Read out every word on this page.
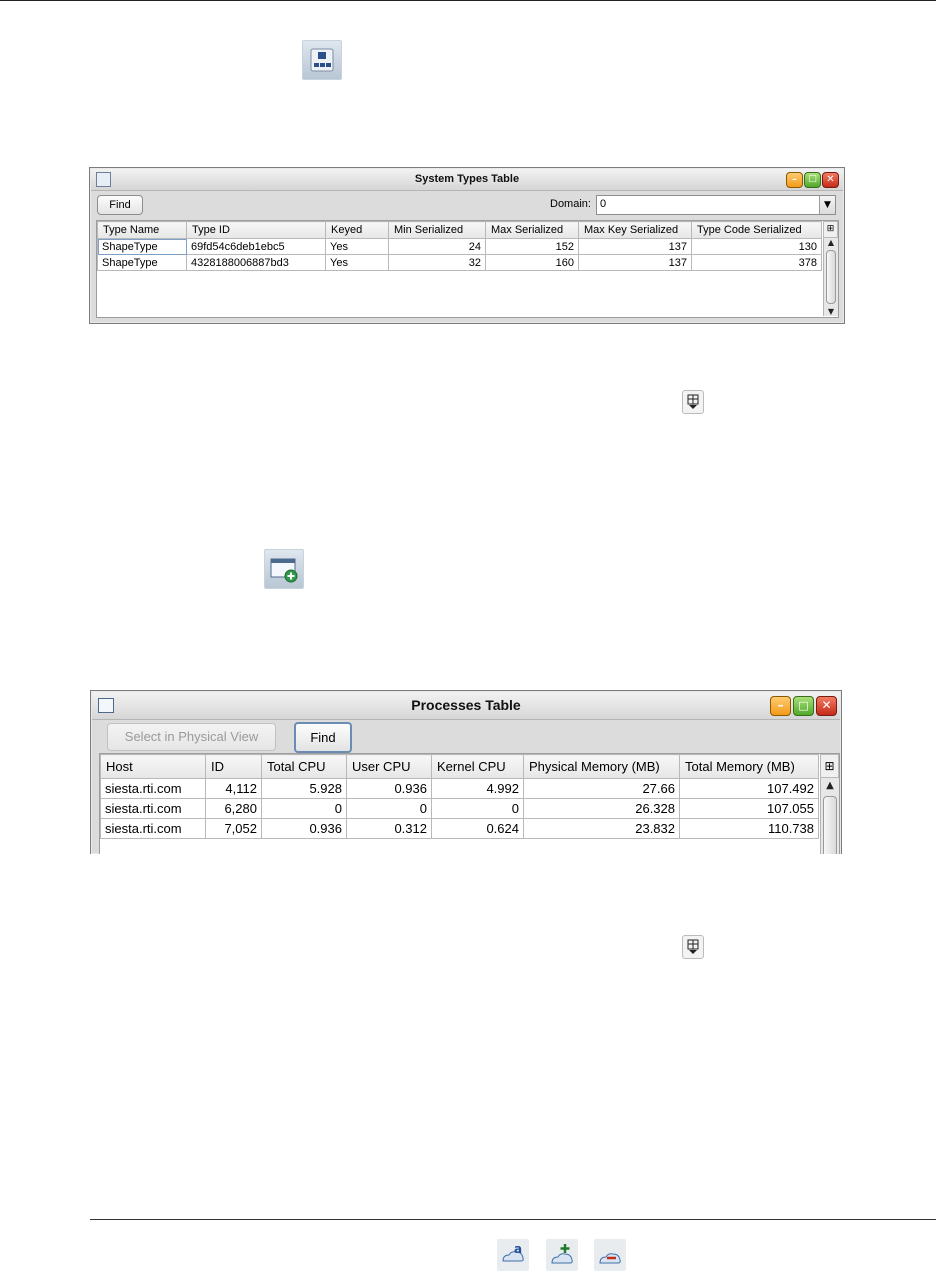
System Types Table	–	□ ✕
Find	Domain: 0	▼
Type Name	Type ID	Keyed	Min Serialized	Max Serialized	Max Key Serialized	Type Code Serialized
ShapeType	69fd54c6deb1ebc5	Yes	24	152	137	130
ShapeType	4328188006887bd3	Yes	32	160	137	378
⊞
▲
▼
Processes Table	–	□	✕
Select in Physical View	Find
Host	ID	Total CPU	User CPU	Kernel CPU	Physical Memory (MB)	Total Memory (MB)
siesta.rti.com	4,112	5.928	0.936	4.992	27.66	107.492
siesta.rti.com	6,280	0	0	0	26.328	107.055
siesta.rti.com	7,052	0.936	0.312	0.624	23.832	110.738
⊞
▲
a
